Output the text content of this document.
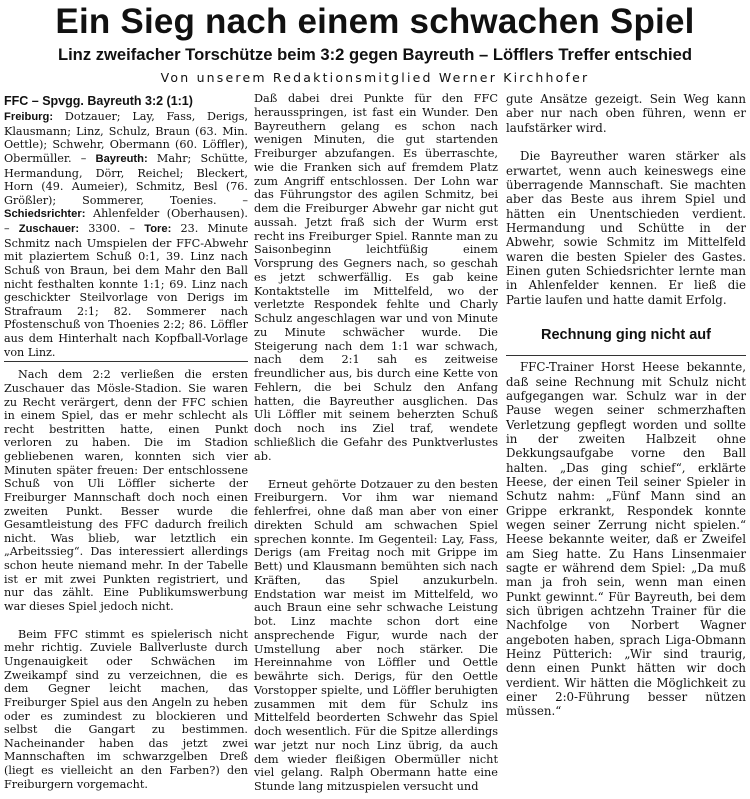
Ein Sieg nach einem schwachen Spiel
Linz zweifacher Torschütze beim 3:2 gegen Bayreuth – Löfflers Treffer entschied
Von unserem Redaktionsmitglied Werner Kirchhofer
FFC – Spvgg. Bayreuth 3:2 (1:1)

Freiburg: Dotzauer; Lay, Fass, Derigs, Klausmann; Linz, Schulz, Braun (63. Min. Oettle); Schwehr, Obermann (60. Löffler), Obermüller. – Bayreuth: Mahr; Schütte, Hermandung, Dörr, Reichel; Bleckert, Horn (49. Aumeier), Schmitz, Besl (76. Größler); Sommerer, Toenies. – Schiedsrichter: Ahlenfelder (Oberhausen). – Zuschauer: 3300. – Tore: 23. Minute Schmitz nach Umspielen der FFC-Abwehr mit plaziertem Schuß 0:1, 39. Linz nach Schuß von Braun, bei dem Mahr den Ball nicht festhalten konnte 1:1; 69. Linz nach geschickter Steilvorlage von Derigs im Strafraum 2:1; 82. Sommerer nach Pfostenschuß von Thoenies 2:2; 86. Löffler aus dem Hinterhalt nach Kopfball-Vorlage von Linz.

Nach dem 2:2 verließen die ersten Zuschauer das Mösle-Stadion. Sie waren zu Recht verärgert, denn der FFC schien in einem Spiel, das er mehr schlecht als recht bestritten hatte, einen Punkt verloren zu haben. Die im Stadion gebliebenen waren, konnten sich vier Minuten später freuen: Der entschlossene Schuß von Uli Löffler sicherte der Freiburger Mannschaft doch noch einen zweiten Punkt. Besser wurde die Gesamtleistung des FFC dadurch freilich nicht. Was blieb, war letztlich ein „Arbeitssieg“. Das interessiert allerdings schon heute niemand mehr. In der Tabelle ist er mit zwei Punkten registriert, und nur das zählt. Eine Publikumswerbung war dieses Spiel jedoch nicht.

Beim FFC stimmt es spielerisch nicht mehr richtig. Zuviele Ballverluste durch Ungenauigkeit oder Schwächen im Zweikampf sind zu verzeichnen, die es dem Gegner leicht machen, das Freiburger Spiel aus den Angeln zu heben oder es zumindest zu blockieren und selbst die Gangart zu bestimmen. Nacheinander haben das jetzt zwei Mannschaften im schwarzgelben Dreß (liegt es vielleicht an den Farben?) den Freiburgern vorgemacht.

Daß dabei drei Punkte für den FFC herausspringen, ist fast ein Wunder. Den Bayreuthern gelang es schon nach wenigen Minuten, die gut startenden Freiburger abzufangen. Es überraschte, wie die Franken sich auf fremdem Platz zum Angriff entschlossen. Der Lohn war das Führungstor des agilen Schmitz, bei dem die Freiburger Abwehr gar nicht gut aussah. Jetzt fraß sich der Wurm erst recht ins Freiburger Spiel. Rannte man zu Saisonbeginn leichtfüßig einem Vorsprung des Gegners nach, so geschah es jetzt schwerfällig. Es gab keine Kontaktstelle im Mittelfeld, wo der verletzte Respondek fehlte und Charly Schulz angeschlagen war und von Minute zu Minute schwächer wurde. Die Steigerung nach dem 1:1 war schwach, nach dem 2:1 sah es zeitweise freundlicher aus, bis durch eine Kette von Fehlern, die bei Schulz den Anfang hatten, die Bayreuther ausglichen. Das Uli Löffler mit seinem beherzten Schuß doch noch ins Ziel traf, wendete schließlich die Gefahr des Punktverlustes ab.

Erneut gehörte Dotzauer zu den besten Freiburgern. Vor ihm war niemand fehlerfrei, ohne daß man aber von einer direkten Schuld am schwachen Spiel sprechen konnte. Im Gegenteil: Lay, Fass, Derigs (am Freitag noch mit Grippe im Bett) und Klausmann bemühten sich nach Kräften, das Spiel anzukurbeln. Endstation war meist im Mittelfeld, wo auch Braun eine sehr schwache Leistung bot. Linz machte schon dort eine ansprechende Figur, wurde nach der Umstellung aber noch stärker. Die Hereinnahme von Löffler und Oettle bewährte sich. Derigs, für den Oettle Vorstopper spielte, und Löffler beruhigten zusammen mit dem für Schulz ins Mittelfeld beorderten Schwehr das Spiel doch wesentlich. Für die Spitze allerdings war jetzt nur noch Linz übrig, da auch dem wieder fleißigen Obermüller nicht viel gelang. Ralph Obermann hatte eine Stunde lang mitzuspielen versucht und

gute Ansätze gezeigt. Sein Weg kann aber nur nach oben führen, wenn er laufstärker wird.

Die Bayreuther waren stärker als erwartet, wenn auch keineswegs eine überragende Mannschaft. Sie machten aber das Beste aus ihrem Spiel und hätten ein Unentschieden verdient. Hermandung und Schütte in der Abwehr, sowie Schmitz im Mittelfeld waren die besten Spieler des Gastes. Einen guten Schiedsrichter lernte man in Ahlenfelder kennen. Er ließ die Partie laufen und hatte damit Erfolg.

Rechnung ging nicht auf

FFC-Trainer Horst Heese bekannte, daß seine Rechnung mit Schulz nicht aufgegangen war. Schulz war in der Pause wegen seiner schmerzhaften Verletzung gepflegt worden und sollte in der zweiten Halbzeit ohne Dekkungsaufgabe vorne den Ball halten. „Das ging schief“, erklärte Heese, der einen Teil seiner Spieler in Schutz nahm: „Fünf Mann sind an Grippe erkrankt, Respondek konnte wegen seiner Zerrung nicht spielen.“ Heese bekannte weiter, daß er Zweifel am Sieg hatte. Zu Hans Linsenmaier sagte er während dem Spiel: „Da muß man ja froh sein, wenn man einen Punkt gewinnt.“ Für Bayreuth, bei dem sich übrigen achtzehn Trainer für die Nachfolge von Norbert Wagner angeboten haben, sprach Liga-Obmann Heinz Pütterich: „Wir sind traurig, denn einen Punkt hätten wir doch verdient. Wir hätten die Möglichkeit zu einer 2:0-Führung besser nützen müssen.“
